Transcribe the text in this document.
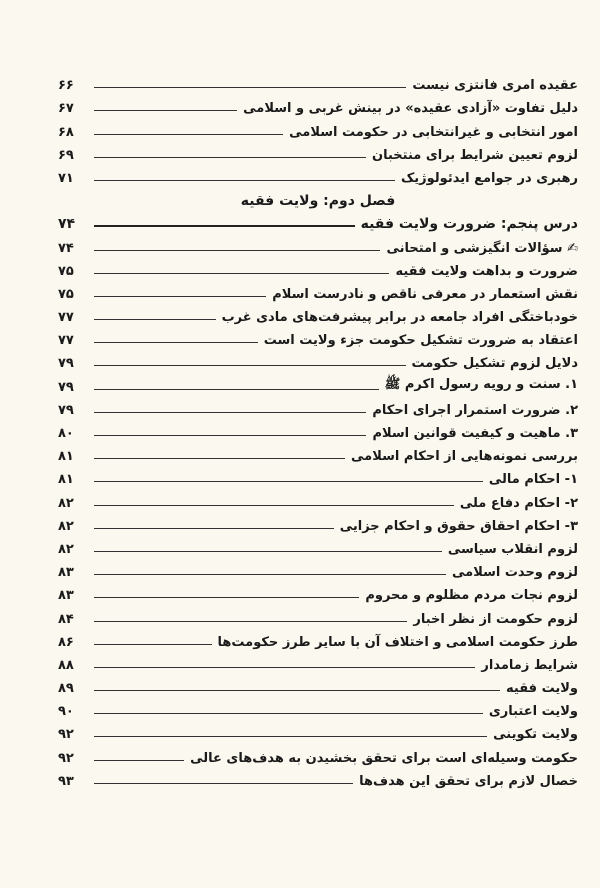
عقیده امری فانتزی نیست
۶۶
دلیل تفاوت «آزادی عقیده» در بینش غربی و اسلامی
۶۷
امور انتخابی و غیرانتخابی در حکومت اسلامی
۶۸
لزوم تعیین شرایط برای منتخبان
۶۹
رهبری در جوامع ایدئولوژیک
۷۱
فصل دوم: ولایت فقیه
درس پنجم: ضرورت ولایت فقیه
۷۴
✍ سؤالات انگیزشی و امتحانی
۷۴
ضرورت و بداهت ولایت فقیه
۷۵
نقش استعمار در معرفی ناقص و نادرست اسلام
۷۵
خودباختگی افراد جامعه در برابر پیشرفت‌های مادی غرب
۷۷
اعتقاد به ضرورت تشکیل حکومت جزء ولایت است
۷۷
دلایل لزوم تشکیل حکومت
۷۹
۱. سنت و رویه رسول اکرم ﷺ
۷۹
۲. ضرورت استمرار اجرای احکام
۷۹
۳. ماهیت و کیفیت قوانین اسلام
۸۰
بررسی نمونه‌هایی از احکام اسلامی
۸۱
۱- احکام مالی
۸۱
۲- احکام دفاع ملی
۸۲
۳- احکام احقاق حقوق و احکام جزایی
۸۲
لزوم انقلاب سیاسی
۸۲
لزوم وحدت اسلامی
۸۳
لزوم نجات مردم مظلوم و محروم
۸۳
لزوم حکومت از نظر اخبار
۸۴
طرز حکومت اسلامی و اختلاف آن با سایر طرز حکومت‌ها
۸۶
شرایط زمامدار
۸۸
ولایت فقیه
۸۹
ولایت اعتباری
۹۰
ولایت تکوینی
۹۲
حکومت وسیله‌ای است برای تحقق بخشیدن به هدف‌های عالی
۹۲
خصال لازم برای تحقق این هدف‌ها
۹۳
